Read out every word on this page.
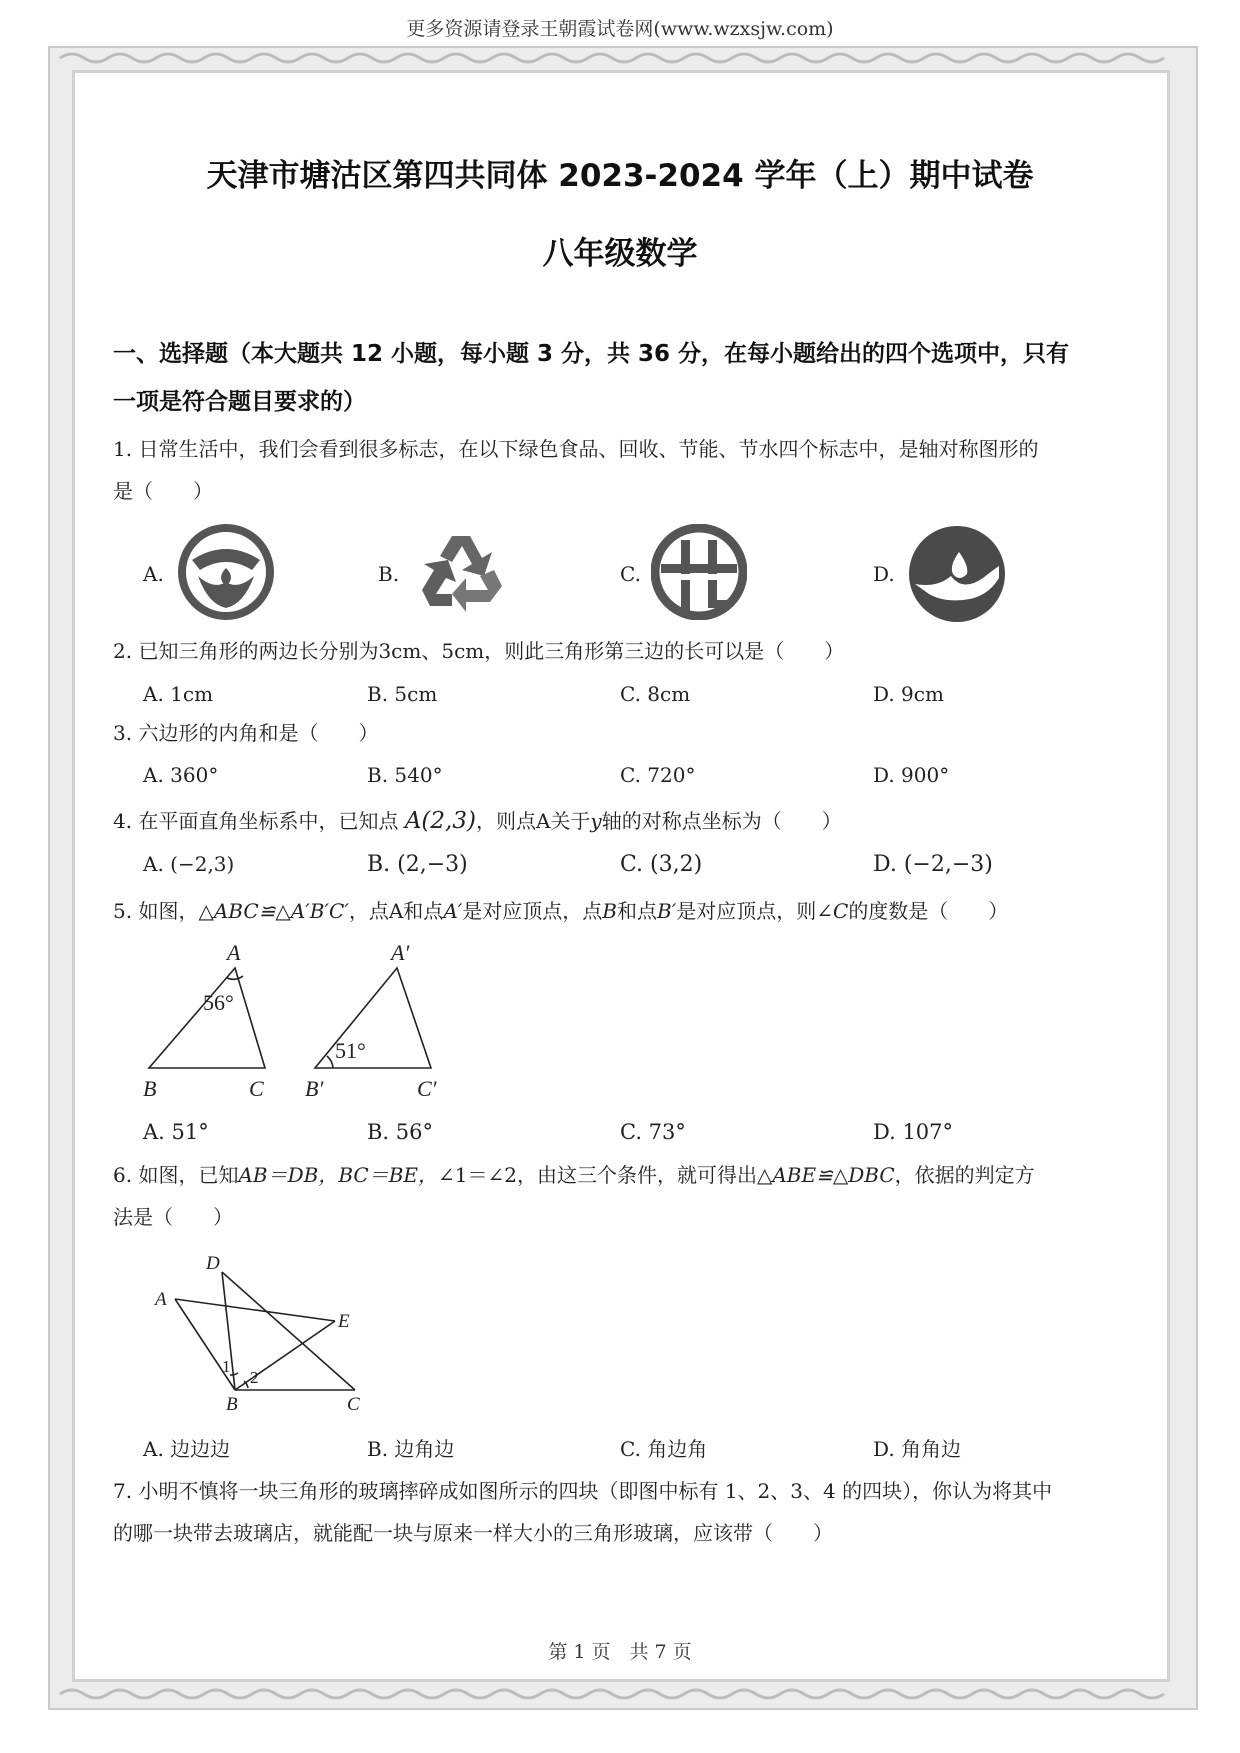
更多资源请登录王朝霞试卷网(www.wzxsjw.com)
天津市塘沽区第四共同体 2023-2024 学年（上）期中试卷
八年级数学
一、选择题（本大题共 12 小题，每小题 3 分，共 36 分，在每小题给出的四个选项中，只有
一项是符合题目要求的）
1. 日常生活中，我们会看到很多标志，在以下绿色食品、回收、节能、节水四个标志中，是轴对称图形的
是（　　）
A.	B.	C.	D.
2. 已知三角形的两边长分别为3cm、5cm，则此三角形第三边的长可以是（　　）
A. 1cm	B. 5cm	C. 8cm	D. 9cm
3. 六边形的内角和是（　　）
A. 360°	B. 540°	C. 720°	D. 900°
4. 在平面直角坐标系中，已知点 A(2,3)，则点A关于y轴的对称点坐标为（　　）
A. (−2,3)	B. (2,−3)	C. (3,2)	D. (−2,−3)
5. 如图，△ABC≌△A′B′C′，点A和点A′是对应顶点，点B和点B′是对应顶点，则∠C的度数是（　　）
A
B	C
A′
B′	C′
56°
51°
A. 51°	B. 56°	C. 73°	D. 107°
6. 如图，已知AB＝DB，BC＝BE，∠1＝∠2，由这三个条件，就可得出△ABE≌△DBC，依据的判定方
法是（　　）
A
D
E
B	C
1
2
A. 边边边	B. 边角边	C. 角边角	D. 角角边
7. 小明不慎将一块三角形的玻璃摔碎成如图所示的四块（即图中标有 1、2、3、4 的四块），你认为将其中
的哪一块带去玻璃店，就能配一块与原来一样大小的三角形玻璃，应该带（　　）
第 1 页　共 7 页
